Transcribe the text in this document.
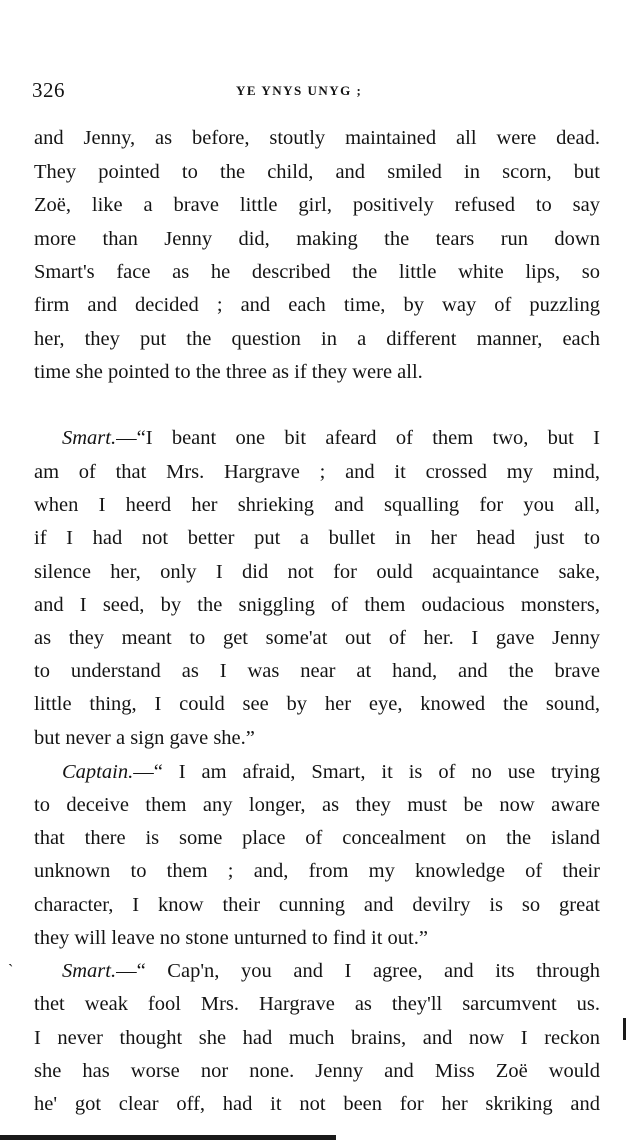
326	YE YNYS UNYG ;
and Jenny, as before, stoutly maintained all were dead.
They pointed to the child, and smiled in scorn, but
Zoë, like a brave little girl, positively refused to say
more than Jenny did, making the tears run down
Smart's face as he described the little white lips, so
firm and decided ; and each time, by way of puzzling
her, they put the question in a different manner, each
time she pointed to the three as if they were all.
Smart.—“I beant one bit afeard of them two, but I
am of that Mrs. Hargrave ; and it crossed my mind,
when I heerd her shrieking and squalling for you all,
if I had not better put a bullet in her head just to
silence her, only I did not for ould acquaintance sake,
and I seed, by the sniggling of them oudacious monsters,
as they meant to get some'at out of her. I gave Jenny
to understand as I was near at hand, and the brave
little thing, I could see by her eye, knowed the sound,
but never a sign gave she.”
Captain.—“ I am afraid, Smart, it is of no use trying
to deceive them any longer, as they must be now aware
that there is some place of concealment on the island
unknown to them ; and, from my knowledge of their
character, I know their cunning and devilry is so great
they will leave no stone unturned to find it out.”
Smart.—“ Cap'n, you and I agree, and its through
thet weak fool Mrs. Hargrave as they'll sarcumvent us.
I never thought she had much brains, and now I reckon
she has worse nor none. Jenny and Miss Zoë would
he' got clear off, had it not been for her skriking and
`
